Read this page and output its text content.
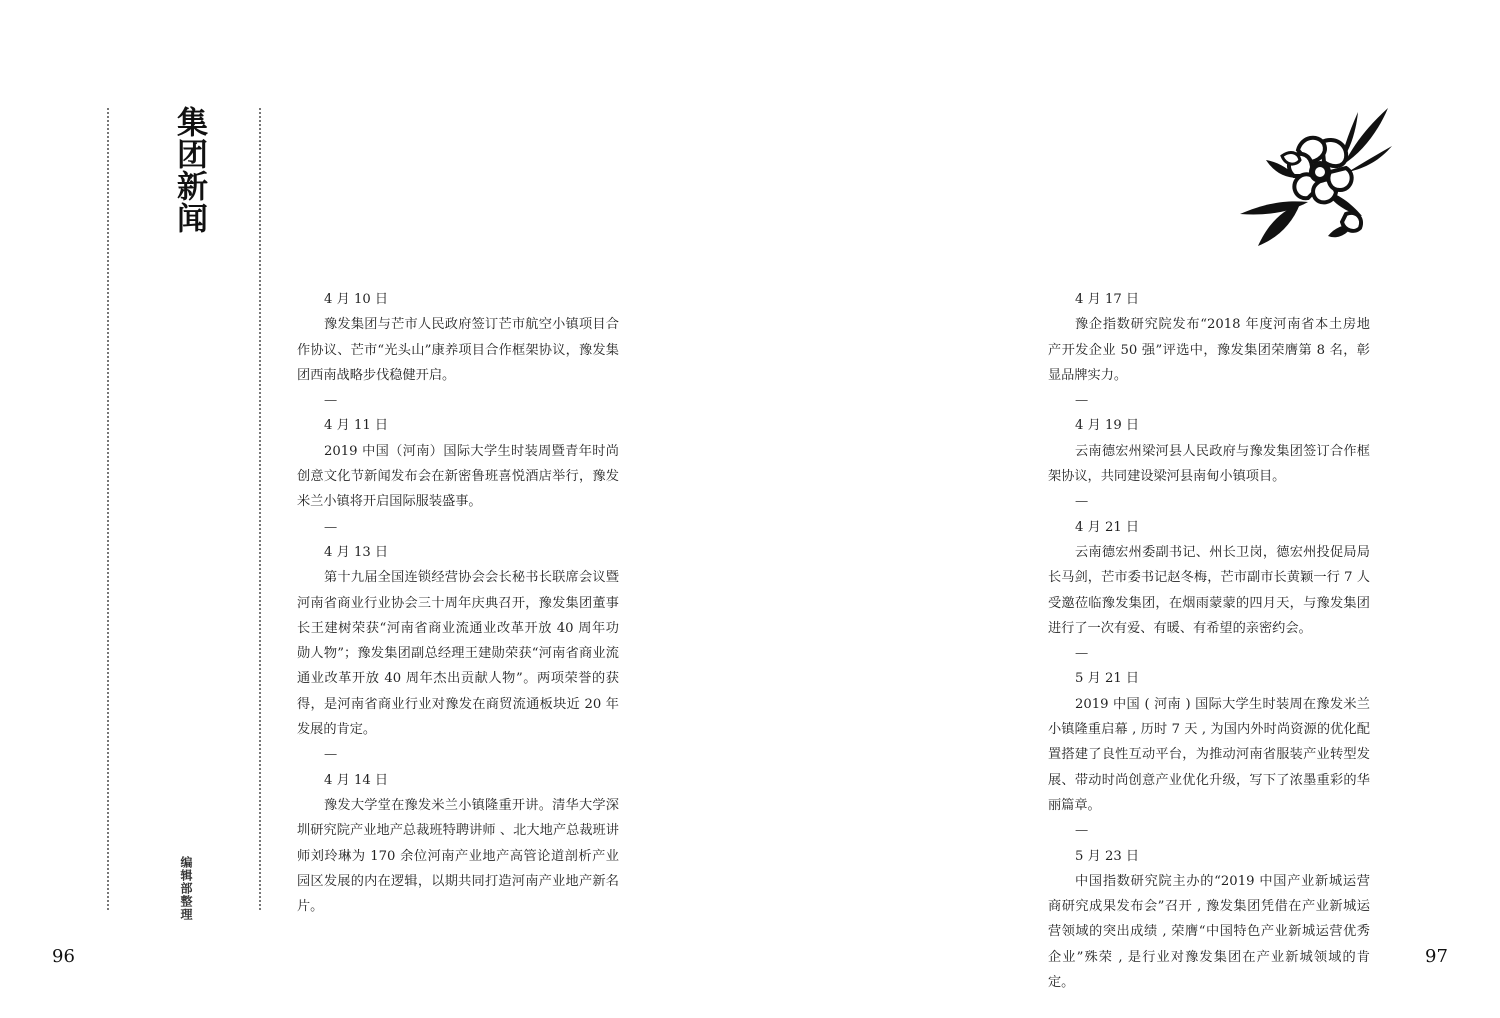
集团新闻
编辑部整理
4 月 10 日

豫发集团与芒市人民政府签订芒市航空小镇项目合作协议、芒市“光头山”康养项目合作框架协议，豫发集团西南战略步伐稳健开启。

—
4 月 11 日

2019 中国（河南）国际大学生时装周暨青年时尚创意文化节新闻发布会在新密鲁班喜悦酒店举行，豫发米兰小镇将开启国际服装盛事。

—
4 月 13 日

第十九届全国连锁经营协会会长秘书长联席会议暨河南省商业行业协会三十周年庆典召开，豫发集团董事长王建树荣获“河南省商业流通业改革开放 40 周年功勋人物”；豫发集团副总经理王建勋荣获“河南省商业流通业改革开放 40 周年杰出贡献人物”。两项荣誉的获得，是河南省商业行业对豫发在商贸流通板块近 20 年发展的肯定。

—
4 月 14 日

豫发大学堂在豫发米兰小镇隆重开讲。清华大学深圳研究院产业地产总裁班特聘讲师 、北大地产总裁班讲师刘玲琳为 170 余位河南产业地产高管论道剖析产业园区发展的内在逻辑，以期共同打造河南产业地产新名片。

96
4 月 17 日

豫企指数研究院发布“2018 年度河南省本土房地产开发企业 50 强”评选中，豫发集团荣膺第 8 名，彰显品牌实力。

—
4 月 19 日

云南德宏州梁河县人民政府与豫发集团签订合作框架协议，共同建设梁河县南甸小镇项目。

—
4 月 21 日

云南德宏州委副书记、州长卫岗，德宏州投促局局长马剑，芒市委书记赵冬梅，芒市副市长黄颖一行 7 人受邀莅临豫发集团，在烟雨蒙蒙的四月天，与豫发集团进行了一次有爱、有暖、有希望的亲密约会。

—
5 月 21 日

2019 中国 ( 河南 ) 国际大学生时装周在豫发米兰小镇隆重启幕 , 历时 7 天 , 为国内外时尚资源的优化配置搭建了良性互动平台，为推动河南省服装产业转型发展、带动时尚创意产业优化升级，写下了浓墨重彩的华丽篇章。

—
5 月 23 日

中国指数研究院主办的“2019 中国产业新城运营商研究成果发布会”召开 , 豫发集团凭借在产业新城运营领域的突出成绩 , 荣膺“中国特色产业新城运营优秀企业”殊荣 , 是行业对豫发集团在产业新城领域的肯定。

97
